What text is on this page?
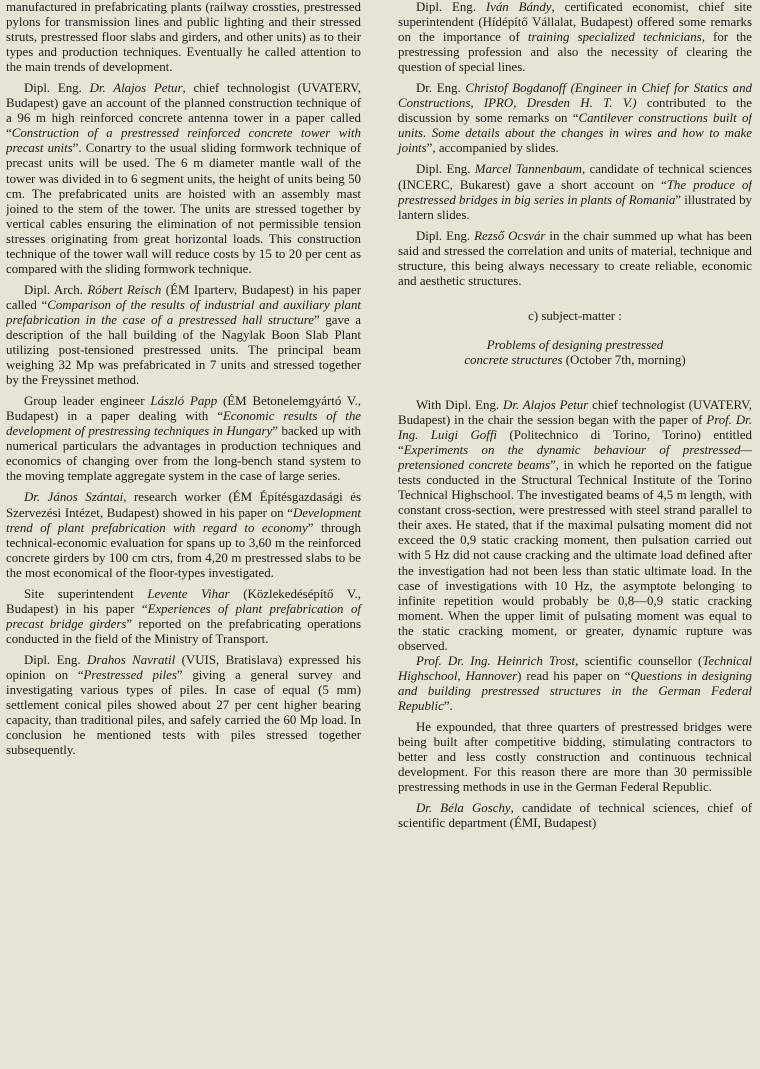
manufactured in prefabricating plants (railway crossties, prestressed pylons for transmission lines and public lighting and their stressed struts, prestressed floor slabs and girders, and other units) as to their types and production techniques. Eventually he called attention to the main trends of development.

Dipl. Eng. Dr. Alajos Petur, chief technologist (UVATERV, Budapest) gave an account of the planned construction technique of a 96 m high reinforced concrete antenna tower in a paper called “Construction of a prestressed reinforced concrete tower with precast units”. Conartry to the usual sliding formwork technique of precast units will be used. The 6 m diameter mantle wall of the tower was divided in to 6 segment units, the height of units being 50 cm. The prefabricated units are hoisted with an assembly mast joined to the stem of the tower. The units are stressed together by vertical cables ensuring the elimination of not permissible tension stresses originating from great horizontal loads. This construction technique of the tower wall will reduce costs by 15 to 20 per cent as compared with the sliding formwork technique.

Dipl. Arch. Róbert Reisch (ÉM Iparterv, Budapest) in his paper called “Comparison of the results of industrial and auxiliary plant prefabrication in the case of a prestressed hall structure” gave a description of the hall building of the Nagylak Boon Slab Plant utilizing post-tensioned prestressed units. The principal beam weighing 32 Mp was prefabricated in 7 units and stressed together by the Freyssinet method.

Group leader engineer László Papp (ÉM Betonelemgyártó V., Budapest) in a paper dealing with “Economic results of the development of prestressing techniques in Hungary” backed up with numerical particulars the advantages in production techniques and economics of changing over from the long-bench stand system to the moving template aggregate system in the case of large series.

Dr. János Szántai, research worker (ÉM Építésgazdasági és Szervezési Intézet, Budapest) showed in his paper on “Development trend of plant prefabrication with regard to economy” through technical-economic evaluation for spans up to 3,60 m the reinforced concrete girders by 100 cm ctrs, from 4,20 m prestressed slabs to be the most economical of the floor-types investigated.

Site superintendent Levente Vihar (Közlekedésépítő V., Budapest) in his paper “Experiences of plant prefabrication of precast bridge girders” reported on the prefabricating operations conducted in the field of the Ministry of Transport.

Dipl. Eng. Drahos Navratil (VUIS, Bratislava) expressed his opinion on “Prestressed piles” giving a general survey and investigating various types of piles. In case of equal (5 mm) settlement conical piles showed about 27 per cent higher bearing capacity, than traditional piles, and safely carried the 60 Mp load. In conclusion he mentioned tests with piles stressed together subsequently.

Dipl. Eng. Iván Bándy, certificated economist, chief site superintendent (Hídépítő Vállalat, Budapest) offered some remarks on the importance of training specialized technicians, for the prestressing profession and also the necessity of clearing the question of special lines.

Dr. Eng. Christof Bogdanoff (Engineer in Chief for Statics and Constructions, IPRO, Dresden H. T. V.) contributed to the discussion by some remarks on “Cantilever constructions built of units. Some details about the changes in wires and how to make joints”, accompanied by slides.

Dipl. Eng. Marcel Tannenbaum, candidate of technical sciences (INCERC, Bukarest) gave a short account on “The produce of prestressed bridges in big series in plants of Romania” illustrated by lantern slides.

Dipl. Eng. Rezső Ocsvár in the chair summed up what has been said and stressed the correlation and units of material, technique and structure, this being always necessary to create reliable, economic and aesthetic structures.

c) subject-matter :

Problems of designing prestressed
concrete structures (October 7th, morning)

With Dipl. Eng. Dr. Alajos Petur chief technologist (UVATERV, Budapest) in the chair the session began with the paper of Prof. Dr. Ing. Luigi Goffi (Politechnico di Torino, Torino) entitled “Experiments on the dynamic behaviour of prestressed—pretensioned concrete beams”, in which he reported on the fatigue tests conducted in the Structural Technical Institute of the Torino Technical Highschool. The investigated beams of 4,5 m length, with constant cross-section, were prestressed with steel strand parallel to their axes. He stated, that if the maximal pulsating moment did not exceed the 0,9 static cracking moment, then pulsation carried out with 5 Hz did not cause cracking and the ultimate load defined after the investigation had not been less than static ultimate load. In the case of investigations with 10 Hz, the asymptote belonging to infinite repetition would probably be 0,8—0,9 static cracking moment. When the upper limit of pulsating moment was equal to the static cracking moment, or greater, dynamic rupture was observed.

Prof. Dr. Ing. Heinrich Trost, scientific counsellor (Technical Highschool, Hannover) read his paper on “Questions in designing and building prestressed structures in the German Federal Republic”.

He expounded, that three quarters of prestressed bridges were being built after competitive bidding, stimulating contractors to better and less costly construction and continuous technical development. For this reason there are more than 30 permissible prestressing methods in use in the German Federal Republic.

Dr. Béla Goschy, candidate of technical sciences, chief of scientific department (ÉMI, Budapest)
